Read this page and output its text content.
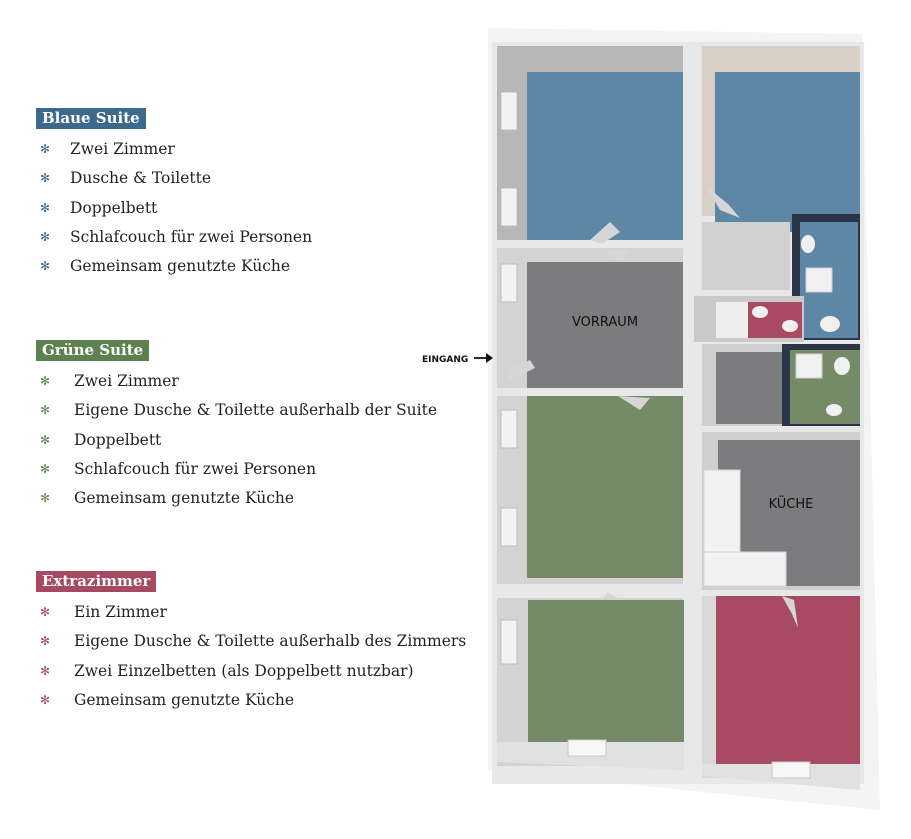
Blaue Suite
✻ Zwei Zimmer
✻ Dusche & Toilette
✻ Doppelbett
✻ Schlafcouch für zwei Personen
✻ Gemeinsam genutzte Küche
Grüne Suite
✻ Zwei Zimmer
✻ Eigene Dusche & Toilette außerhalb der Suite
✻ Doppelbett
✻ Schlafcouch für zwei Personen
✻ Gemeinsam genutzte Küche
Extrazimmer
✻ Ein Zimmer
✻ Eigene Dusche & Toilette außerhalb des Zimmers
✻ Zwei Einzelbetten (als Doppelbett nutzbar)
✻ Gemeinsam genutzte Küche
VORRAUM
KÜCHE
EINGANG
